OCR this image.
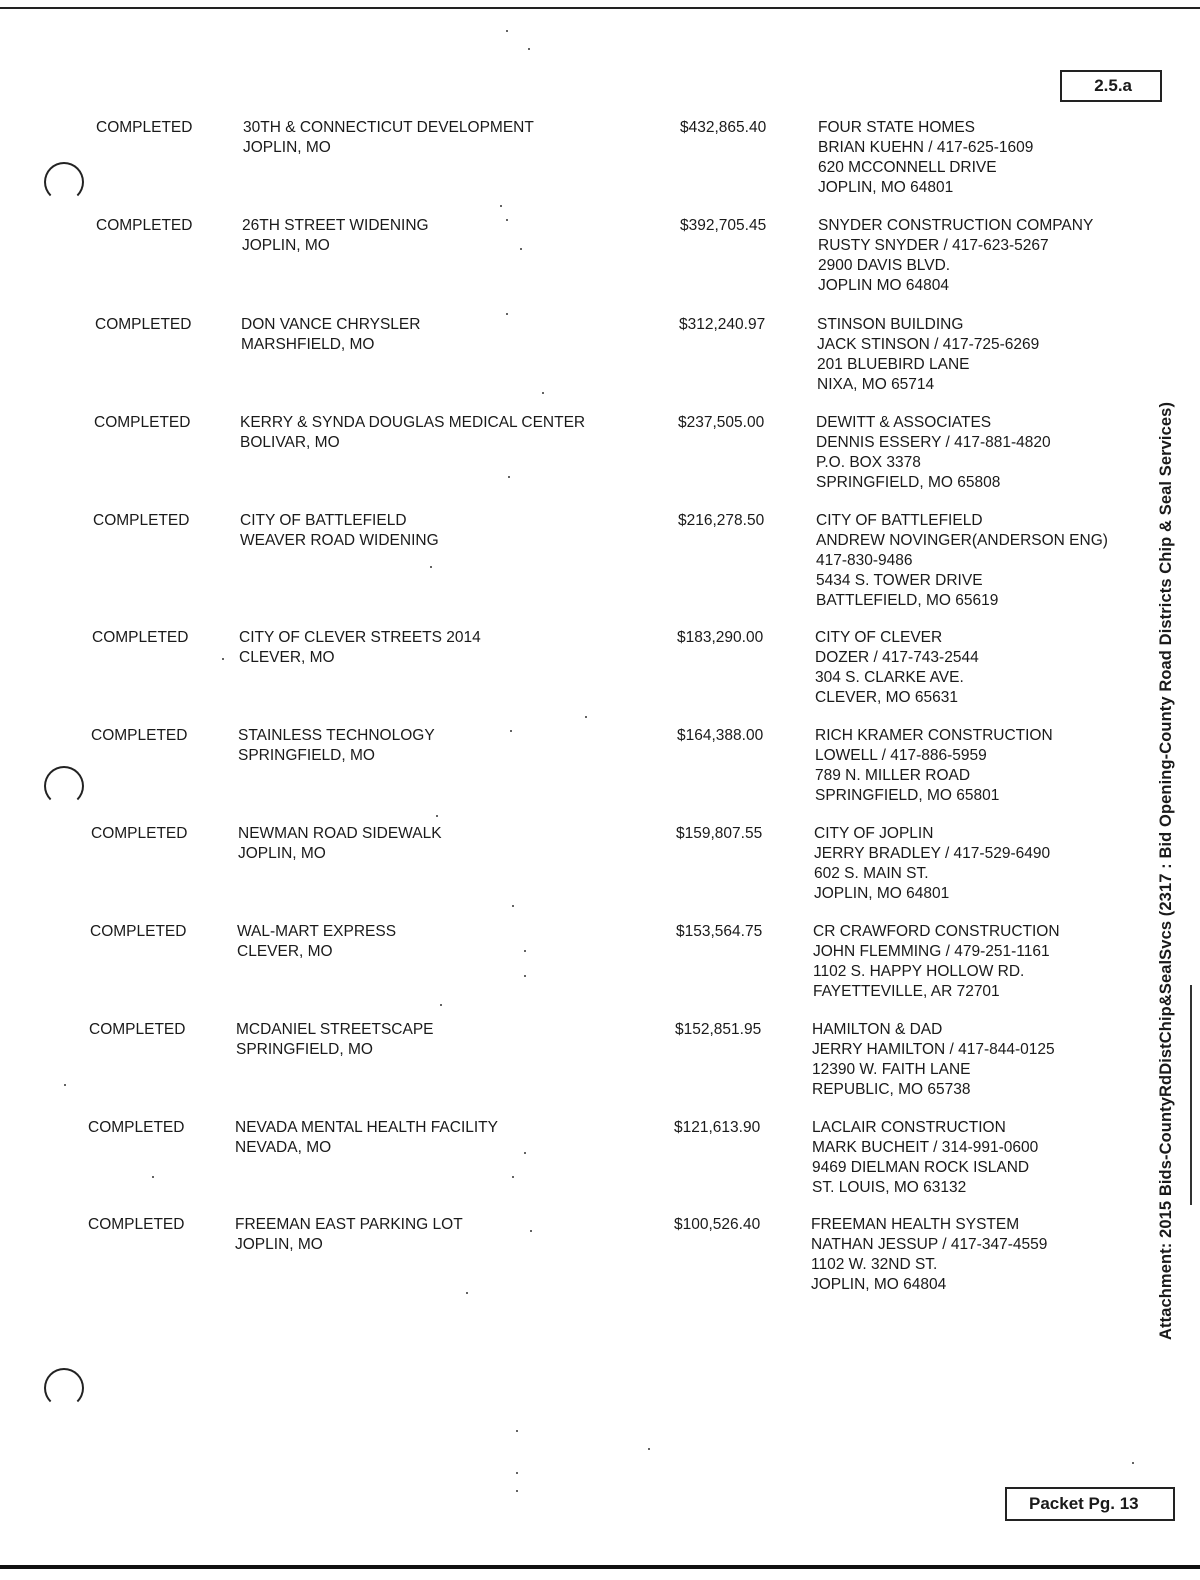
2.5.a
Attachment: 2015 Bids-CountyRdDistChip&SealSvcs (2317 : Bid Opening-County Road Districts Chip & Seal Services)
Packet Pg. 13
COMPLETED	30TH & CONNECTICUT DEVELOPMENT
JOPLIN, MO
$432,865.40	FOUR STATE HOMES
BRIAN KUEHN / 417-625-1609
620 MCCONNELL DRIVE
JOPLIN, MO 64801
COMPLETED	26TH STREET WIDENING
JOPLIN, MO
$392,705.45	SNYDER CONSTRUCTION COMPANY
RUSTY SNYDER / 417-623-5267
2900 DAVIS BLVD.
JOPLIN MO 64804
COMPLETED	DON VANCE CHRYSLER
MARSHFIELD, MO
$312,240.97	STINSON BUILDING
JACK STINSON / 417-725-6269
201 BLUEBIRD LANE
NIXA, MO 65714
COMPLETED	KERRY & SYNDA DOUGLAS MEDICAL CENTER
BOLIVAR, MO
$237,505.00	DEWITT & ASSOCIATES
DENNIS ESSERY / 417-881-4820
P.O. BOX 3378
SPRINGFIELD, MO 65808
COMPLETED	CITY OF BATTLEFIELD
WEAVER ROAD WIDENING
$216,278.50	CITY OF BATTLEFIELD
ANDREW NOVINGER(ANDERSON ENG)
417-830-9486
5434 S. TOWER DRIVE
BATTLEFIELD, MO 65619
COMPLETED	CITY OF CLEVER STREETS 2014
CLEVER, MO
$183,290.00	CITY OF CLEVER
DOZER / 417-743-2544
304 S. CLARKE AVE.
CLEVER, MO 65631
COMPLETED	STAINLESS TECHNOLOGY
SPRINGFIELD, MO
$164,388.00	RICH KRAMER CONSTRUCTION
LOWELL / 417-886-5959
789 N. MILLER ROAD
SPRINGFIELD, MO 65801
COMPLETED	NEWMAN ROAD SIDEWALK
JOPLIN, MO
$159,807.55	CITY OF JOPLIN
JERRY BRADLEY / 417-529-6490
602 S. MAIN ST.
JOPLIN, MO 64801
COMPLETED	WAL-MART EXPRESS
CLEVER, MO
$153,564.75	CR CRAWFORD CONSTRUCTION
JOHN FLEMMING / 479-251-1161
1102 S. HAPPY HOLLOW RD.
FAYETTEVILLE, AR 72701
COMPLETED	MCDANIEL STREETSCAPE
SPRINGFIELD, MO
$152,851.95	HAMILTON & DAD
JERRY HAMILTON / 417-844-0125
12390 W. FAITH LANE
REPUBLIC, MO 65738
COMPLETED	NEVADA MENTAL HEALTH FACILITY
NEVADA, MO
$121,613.90	LACLAIR CONSTRUCTION
MARK BUCHEIT / 314-991-0600
9469 DIELMAN ROCK ISLAND
ST. LOUIS, MO 63132
COMPLETED	FREEMAN EAST PARKING LOT
JOPLIN, MO
$100,526.40	FREEMAN HEALTH SYSTEM
NATHAN JESSUP / 417-347-4559
1102 W. 32ND ST.
JOPLIN, MO 64804
